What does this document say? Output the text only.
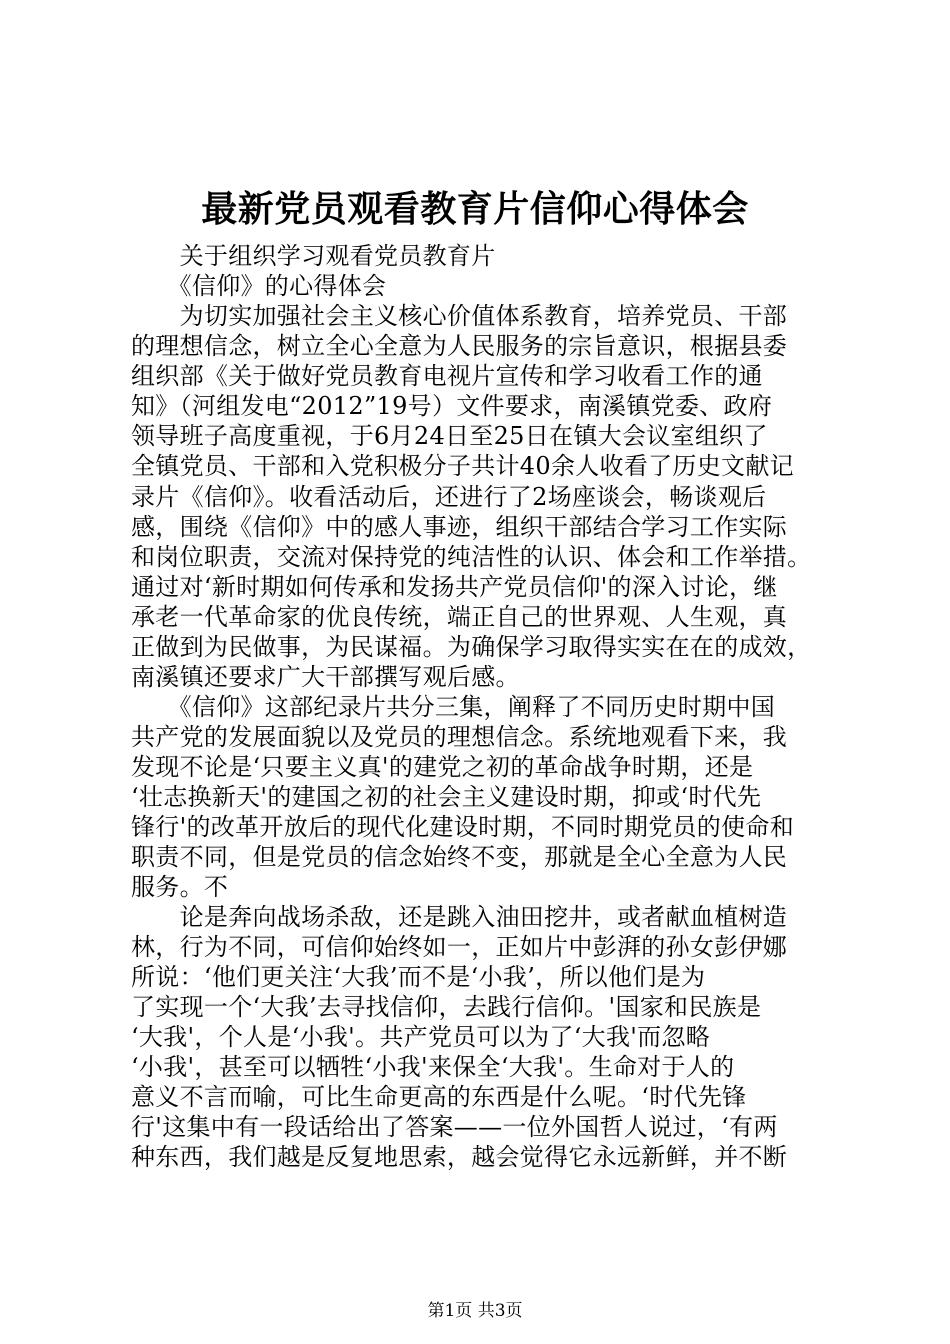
最新党员观看教育片信仰心得体会
　　关于组织学习观看党员教育片
　　《信仰》的心得体会
　　为切实加强社会主义核心价值体系教育，培养党员、干部
的理想信念，树立全心全意为人民服务的宗旨意识，根据县委
组织部《关于做好党员教育电视片宣传和学习收看工作的通
知》（河组发电“2012”19号）文件要求，南溪镇党委、政府
领导班子高度重视，于6月24日至25日在镇大会议室组织了
全镇党员、干部和入党积极分子共计40余人收看了历史文献记
录片《信仰》。收看活动后，还进行了2场座谈会，畅谈观后
感，围绕《信仰》中的感人事迹，组织干部结合学习工作实际
和岗位职责，交流对保持党的纯洁性的认识、体会和工作举措。
通过对‘新时期如何传承和发扬共产党员信仰'的深入讨论，继
承老一代革命家的优良传统，端正自己的世界观、人生观，真
正做到为民做事，为民谋福。为确保学习取得实实在在的成效，
南溪镇还要求广大干部撰写观后感。
　　《信仰》这部纪录片共分三集，阐释了不同历史时期中国
共产党的发展面貌以及党员的理想信念。系统地观看下来，我
发现不论是‘只要主义真'的建党之初的革命战争时期，还是
‘壮志换新天'的建国之初的社会主义建设时期，抑或‘时代先
锋行'的改革开放后的现代化建设时期，不同时期党员的使命和
职责不同，但是党员的信念始终不变，那就是全心全意为人民
服务。不
　　论是奔向战场杀敌，还是跳入油田挖井，或者献血植树造
林，行为不同，可信仰始终如一，正如片中彭湃的孙女彭伊娜
所说：‘他们更关注‘大我’而不是‘小我’，所以他们是为
了实现一个‘大我’去寻找信仰，去践行信仰。'国家和民族是
‘大我'，个人是‘小我'。共产党员可以为了‘大我'而忽略
‘小我'，甚至可以牺牲‘小我'来保全‘大我'。生命对于人的
意义不言而喻，可比生命更高的东西是什么呢。‘时代先锋
行'这集中有一段话给出了答案——一位外国哲人说过，‘有两
种东西，我们越是反复地思索，越会觉得它永远新鲜，并不断
第1页 共3页
